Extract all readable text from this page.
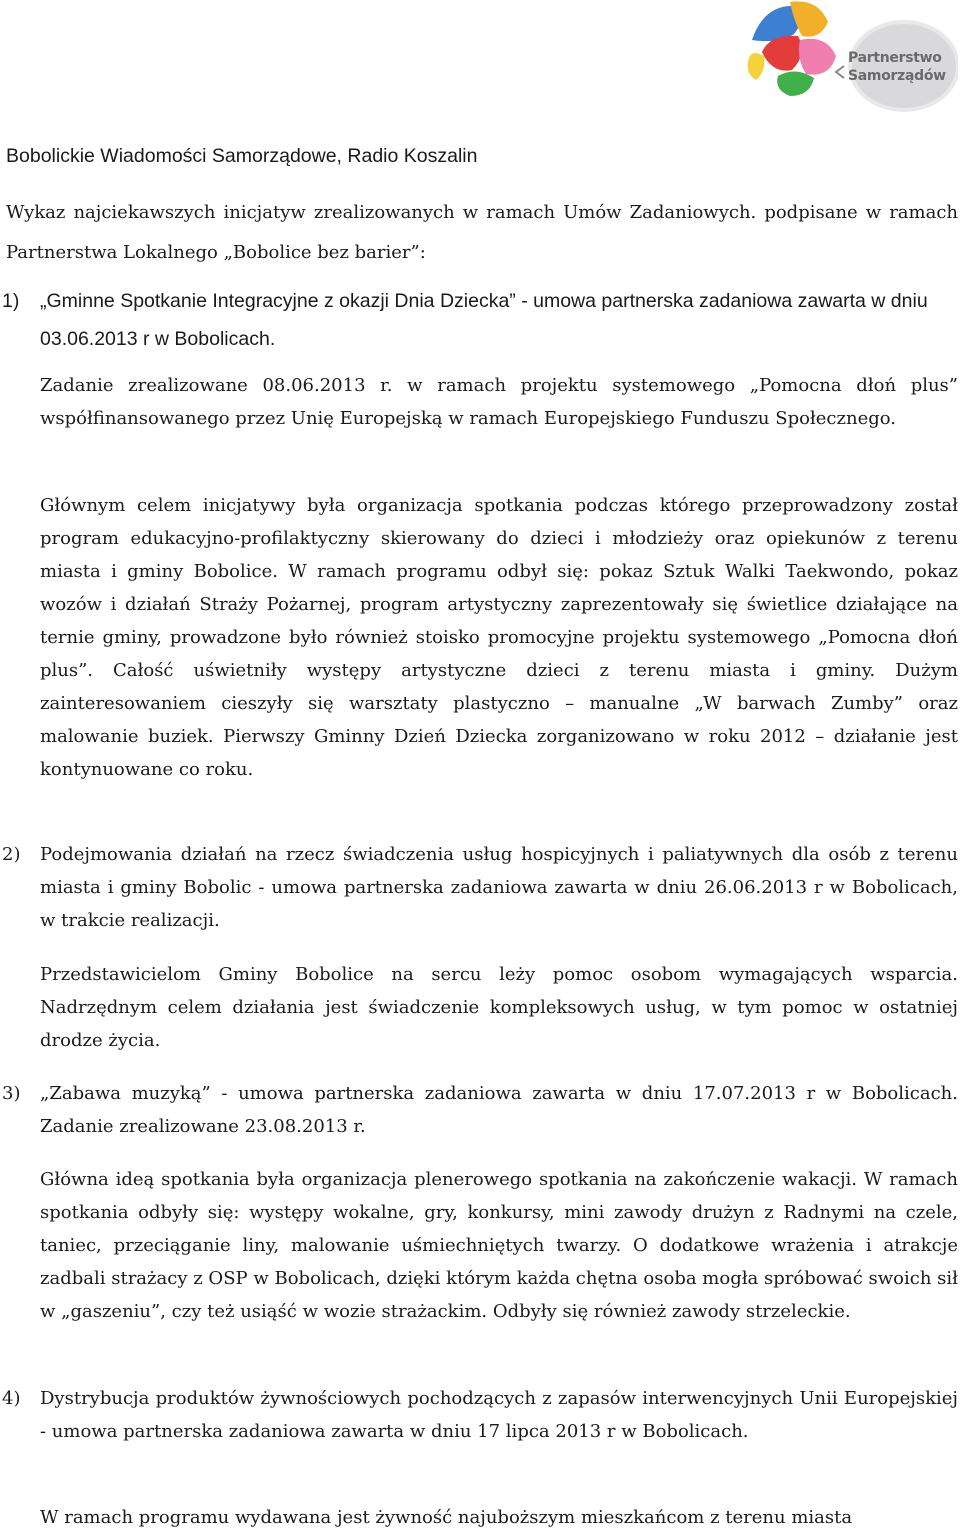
Partnerstwo
Samorządów
Bobolickie Wiadomości Samorządowe, Radio Koszalin
Wykaz najciekawszych inicjatyw zrealizowanych w ramach Umów Zadaniowych. podpisane w ramach Partnerstwa Lokalnego „Bobolice bez barier”:
1) „Gminne Spotkanie Integracyjne z okazji Dnia Dziecka” - umowa partnerska zadaniowa zawarta w dniu 03.06.2013 r w Bobolicach.
Zadanie zrealizowane 08.06.2013 r. w ramach projektu systemowego „Pomocna dłoń plus” współfinansowanego przez Unię Europejską w ramach Europejskiego Funduszu Społecznego.
Głównym celem inicjatywy była organizacja spotkania podczas którego przeprowadzony został program edukacyjno-profilaktyczny skierowany do dzieci i młodzieży oraz opiekunów z terenu miasta i gminy Bobolice. W ramach programu odbył się: pokaz Sztuk Walki Taekwondo, pokaz wozów i działań Straży Pożarnej, program artystyczny zaprezentowały się świetlice działające na ternie gminy, prowadzone było również stoisko promocyjne projektu systemowego „Pomocna dłoń plus”. Całość uświetniły występy artystyczne dzieci z terenu miasta i gminy. Dużym zainteresowaniem cieszyły się warsztaty plastyczno – manualne „W barwach Zumby” oraz malowanie buziek. Pierwszy Gminny Dzień Dziecka zorganizowano w roku 2012 – działanie jest kontynuowane co roku.
2) Podejmowania działań na rzecz świadczenia usług hospicyjnych i paliatywnych dla osób z terenu miasta i gminy Bobolic - umowa partnerska zadaniowa zawarta w dniu 26.06.2013 r w Bobolicach, w trakcie realizacji.
Przedstawicielom Gminy Bobolice na sercu leży pomoc osobom wymagających wsparcia. Nadrzędnym celem działania jest świadczenie kompleksowych usług, w tym pomoc w ostatniej drodze życia.
3) „Zabawa muzyką” - umowa partnerska zadaniowa zawarta w dniu 17.07.2013 r w Bobolicach. Zadanie zrealizowane 23.08.2013 r.
Główna ideą spotkania była organizacja plenerowego spotkania na zakończenie wakacji. W ramach spotkania odbyły się: występy wokalne, gry, konkursy, mini zawody drużyn z Radnymi na czele, taniec, przeciąganie liny, malowanie uśmiechniętych twarzy. O dodatkowe wrażenia i atrakcje zadbali strażacy z OSP w Bobolicach, dzięki którym każda chętna osoba mogła spróbować swoich sił w „gaszeniu”, czy też usiąść w wozie strażackim. Odbyły się również zawody strzeleckie.
4) Dystrybucja produktów żywnościowych pochodzących z zapasów interwencyjnych Unii Europejskiej - umowa partnerska zadaniowa zawarta w dniu 17 lipca 2013 r w Bobolicach.
W ramach programu wydawana jest żywność najuboższym mieszkańcom z terenu miasta
